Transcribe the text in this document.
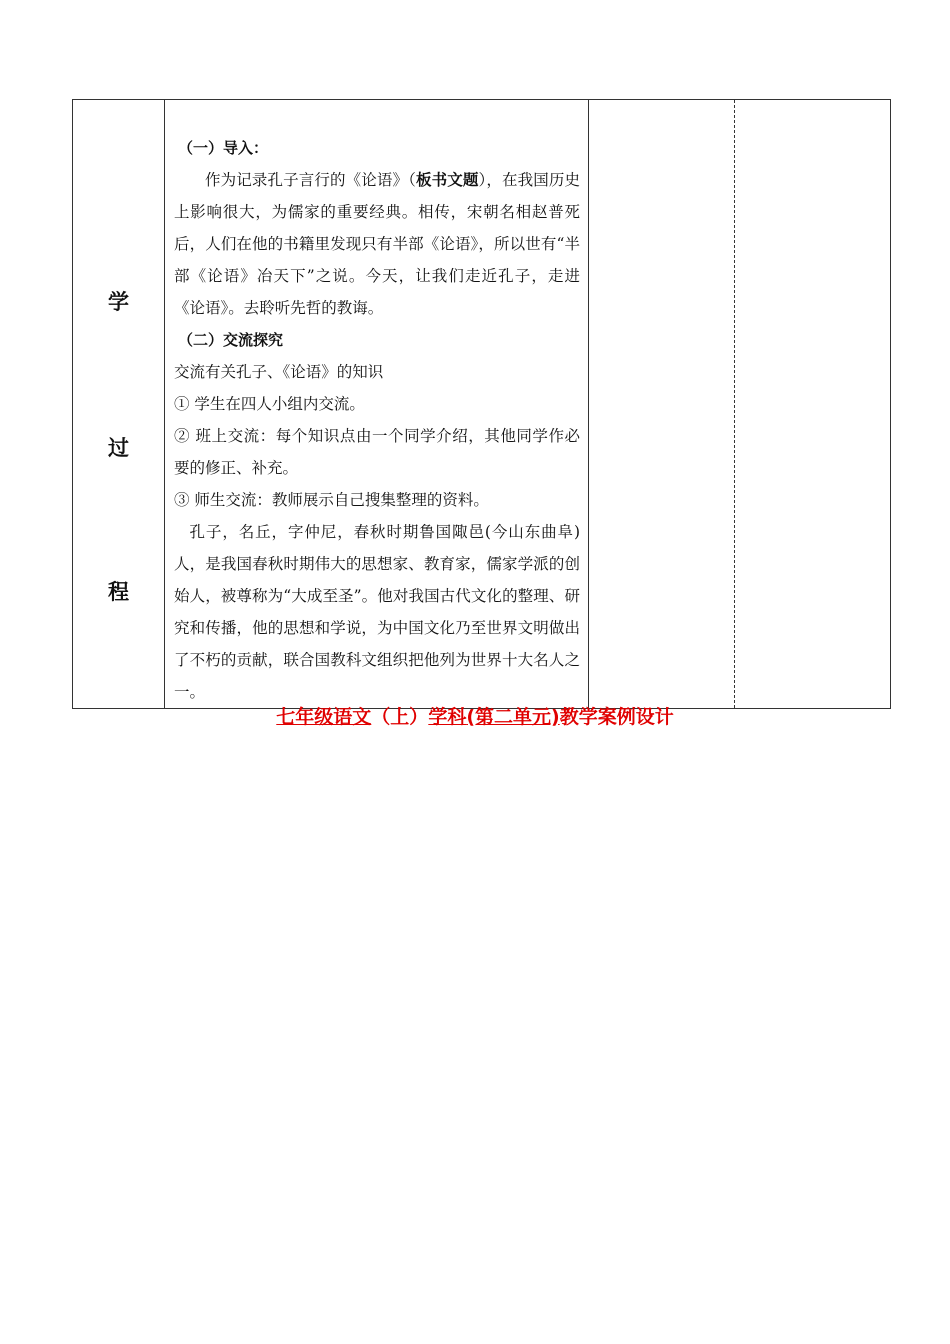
学
过
程

（一）导入：

作为记录孔子言行的《论语》（板书文题），在我国历史上影响很大，为儒家的重要经典。相传，宋朝名相赵普死后，人们在他的书籍里发现只有半部《论语》，所以世有“半部《论语》冶天下”之说。今天，让我们走近孔子，走进《论语》。去聆听先哲的教诲。

（二）交流探究

交流有关孔子、《论语》的知识

① 学生在四人小组内交流。

② 班上交流：每个知识点由一个同学介绍，其他同学作必要的修正、补充。

③ 师生交流：教师展示自己搜集整理的资料。

孔子，名丘，字仲尼，春秋时期鲁国陬邑(今山东曲阜)人，是我国春秋时期伟大的思想家、教育家，儒家学派的创始人，被尊称为“大成至圣”。他对我国古代文化的整理、研究和传播，他的思想和学说，为中国文化乃至世界文明做出了不朽的贡献，联合国教科文组织把他列为世界十大名人之一。

七年级语文（上）学科(第二单元)教学案例设计
